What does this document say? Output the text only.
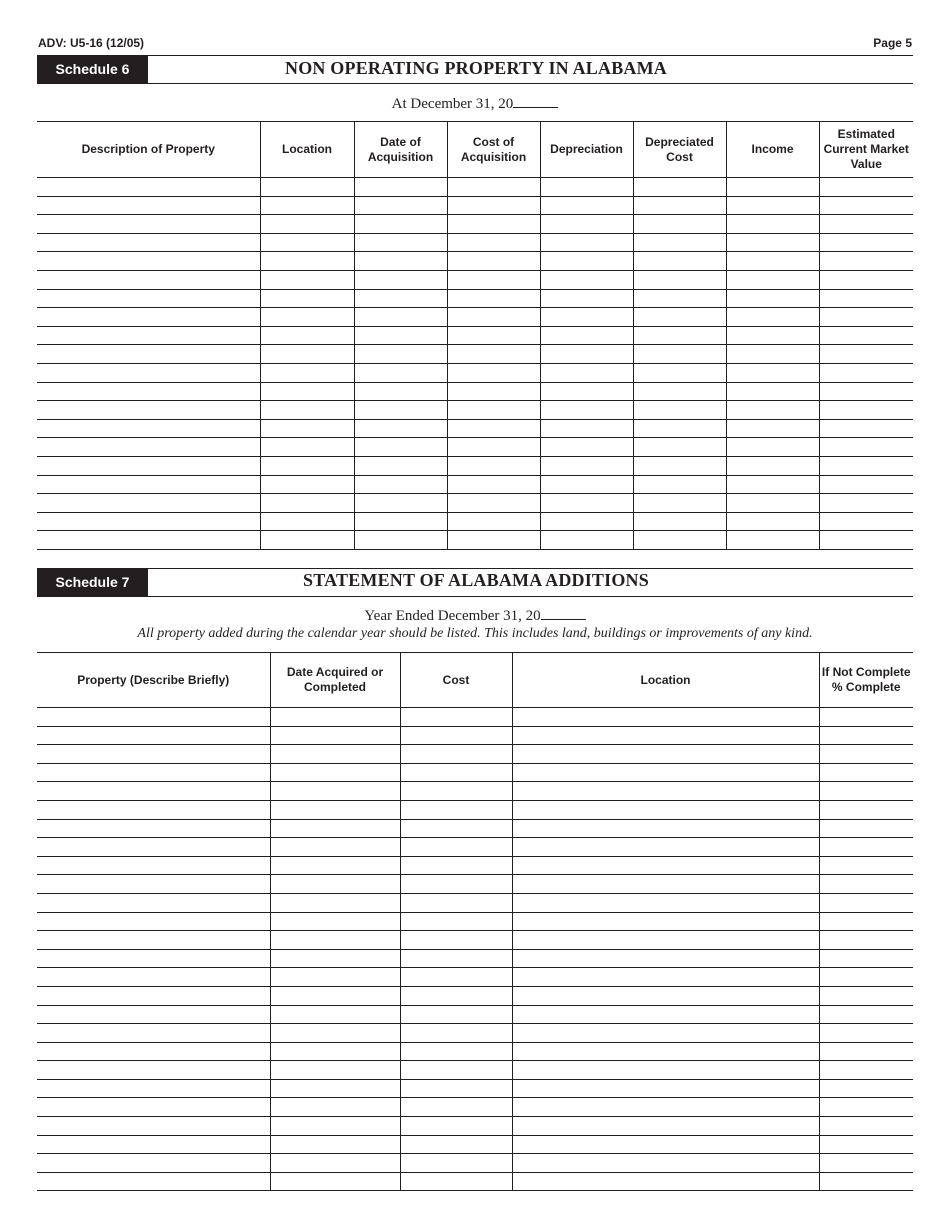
ADV: U5-16 (12/05)	Page 5
Schedule 6	NON OPERATING PROPERTY IN ALABAMA
At December 31, 20
Description of Property	Location	Date of Acquisition	Cost of Acquisition	Depreciation	Depreciated Cost	Income	Estimated Current Market Value

Schedule 7	STATEMENT OF ALABAMA ADDITIONS
Year Ended December 31, 20
All property added during the calendar year should be listed. This includes land, buildings or improvements of any kind.
Property (Describe Briefly)	Date Acquired or Completed	Cost	Location	If Not Complete % Complete
